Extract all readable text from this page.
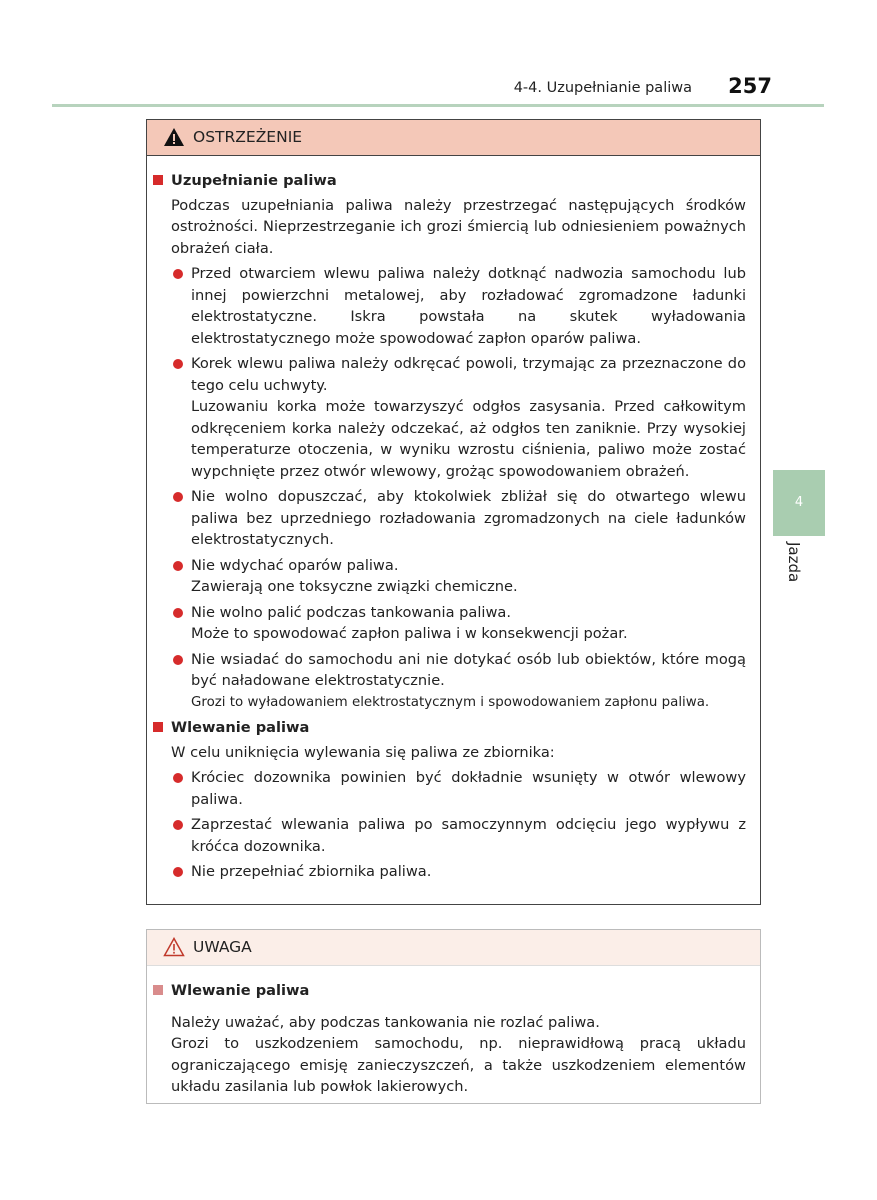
4-4. Uzupełnianie paliwa 257
4
Jazda
OSTRZEŻENIE
Uzupełnianie paliwa
Podczas uzupełniania paliwa należy przestrzegać następujących środków ostrożności. Nieprzestrzeganie ich grozi śmiercią lub odniesieniem poważnych obrażeń ciała.
Przed otwarciem wlewu paliwa należy dotknąć nadwozia samochodu lub innej powierzchni metalowej, aby rozładować zgromadzone ładunki elektrostatyczne. Iskra powstała na skutek wyładowania elektrostatycznego może spowodować zapłon oparów paliwa.
Korek wlewu paliwa należy odkręcać powoli, trzymając za przeznaczone do tego celu uchwyty.
Luzowaniu korka może towarzyszyć odgłos zasysania. Przed całkowitym odkręceniem korka należy odczekać, aż odgłos ten zaniknie. Przy wysokiej temperaturze otoczenia, w wyniku wzrostu ciśnienia, paliwo może zostać wypchnięte przez otwór wlewowy, grożąc spowodowaniem obrażeń.
Nie wolno dopuszczać, aby ktokolwiek zbliżał się do otwartego wlewu paliwa bez uprzedniego rozładowania zgromadzonych na ciele ładunków elektrostatycznych.
Nie wdychać oparów paliwa.
Zawierają one toksyczne związki chemiczne.
Nie wolno palić podczas tankowania paliwa.
Może to spowodować zapłon paliwa i w konsekwencji pożar.
Nie wsiadać do samochodu ani nie dotykać osób lub obiektów, które mogą być naładowane elektrostatycznie.
Grozi to wyładowaniem elektrostatycznym i spowodowaniem zapłonu paliwa.
Wlewanie paliwa
W celu uniknięcia wylewania się paliwa ze zbiornika:
Króciec dozownika powinien być dokładnie wsunięty w otwór wlewowy paliwa.
Zaprzestać wlewania paliwa po samoczynnym odcięciu jego wypływu z króćca dozownika.
Nie przepełniać zbiornika paliwa.
UWAGA
Wlewanie paliwa
Należy uważać, aby podczas tankowania nie rozlać paliwa.
Grozi to uszkodzeniem samochodu, np. nieprawidłową pracą układu ograniczającego emisję zanieczyszczeń, a także uszkodzeniem elementów układu zasilania lub powłok lakierowych.
